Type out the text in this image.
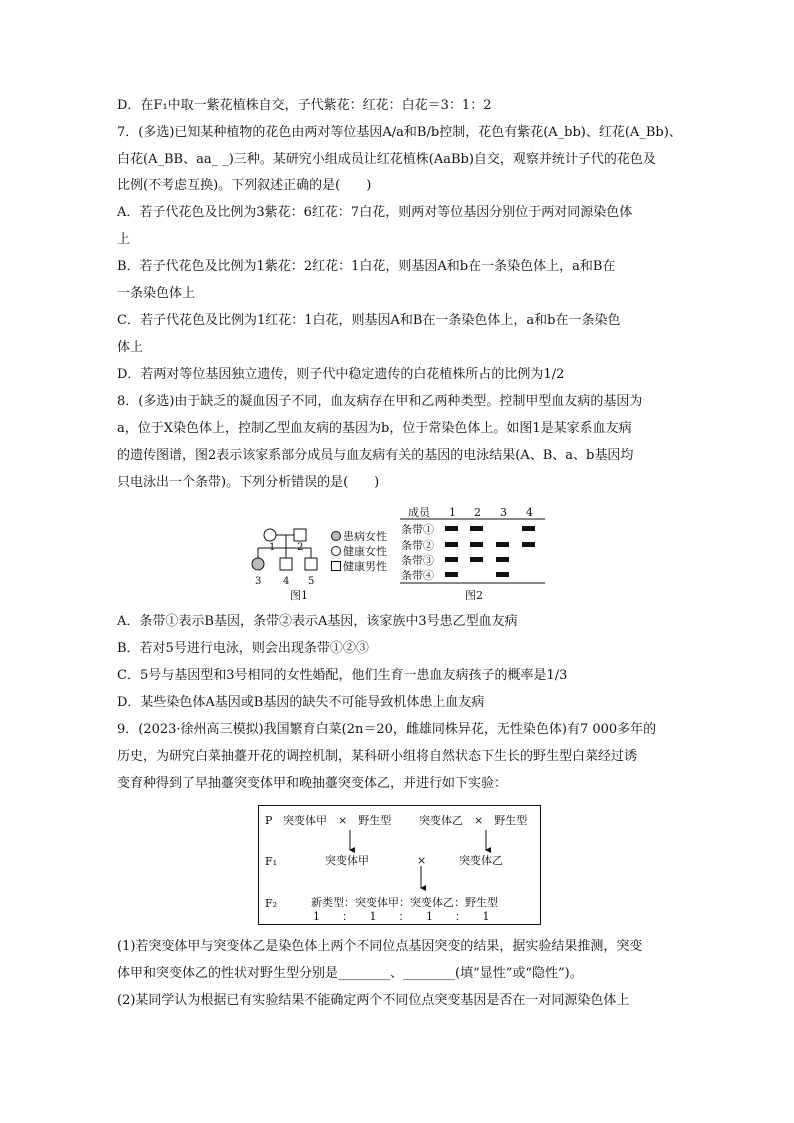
D．在F₁中取一紫花植株自交，子代紫花：红花：白花＝3：1：2
7．(多选)已知某种植物的花色由两对等位基因A/a和B/b控制，花色有紫花(A_bb)、红花(A_Bb)、
白花(A_BB、aa_ _)三种。某研究小组成员让红花植株(AaBb)自交，观察并统计子代的花色及
比例(不考虑互换)。下列叙述正确的是(　　)
A．若子代花色及比例为3紫花：6红花：7白花，则两对等位基因分别位于两对同源染色体
上
B．若子代花色及比例为1紫花：2红花：1白花，则基因A和b在一条染色体上，a和B在
一条染色体上
C．若子代花色及比例为1红花：1白花，则基因A和B在一条染色体上，a和b在一条染色
体上
D．若两对等位基因独立遗传，则子代中稳定遗传的白花植株所占的比例为1/2
8．(多选)由于缺乏的凝血因子不同，血友病存在甲和乙两种类型。控制甲型血友病的基因为
a，位于X染色体上，控制乙型血友病的基因为b，位于常染色体上。如图1是某家系血友病
的遗传图谱，图2表示该家系部分成员与血友病有关的基因的电泳结果(A、B、a、b基因均
只电泳出一个条带)。下列分析错误的是(　　)
1 2
3 4 5
患病女性
健康女性
健康男性
图1
成员 1 2 3 4
条带①
条带②
条带③
条带④
图2
A．条带①表示B基因，条带②表示A基因，该家族中3号患乙型血友病
B．若对5号进行电泳，则会出现条带①②③
C．5号与基因型和3号相同的女性婚配，他们生育一患血友病孩子的概率是1/3
D．某些染色体A基因或B基因的缺失不可能导致机体患上血友病
9．(2023·徐州高三模拟)我国繁育白菜(2n＝20，雌雄同株异花，无性染色体)有7 000多年的
历史，为研究白菜抽薹开花的调控机制，某科研小组将自然状态下生长的野生型白菜经过诱
变育种得到了早抽薹突变体甲和晚抽薹突变体乙，并进行如下实验：
P 突变体甲　×　野生型	突变体乙　×　野生型
F₁	突变体甲	×	突变体乙
F₂	新类型：突变体甲：突变体乙：野生型
1　　：　　1　　：　　1　　：　　1
(1)若突变体甲与突变体乙是染色体上两个不同位点基因突变的结果，据实验结果推测，突变
体甲和突变体乙的性状对野生型分别是________、________(填“显性”或“隐性”)。
(2)某同学认为根据已有实验结果不能确定两个不同位点突变基因是否在一对同源染色体上
